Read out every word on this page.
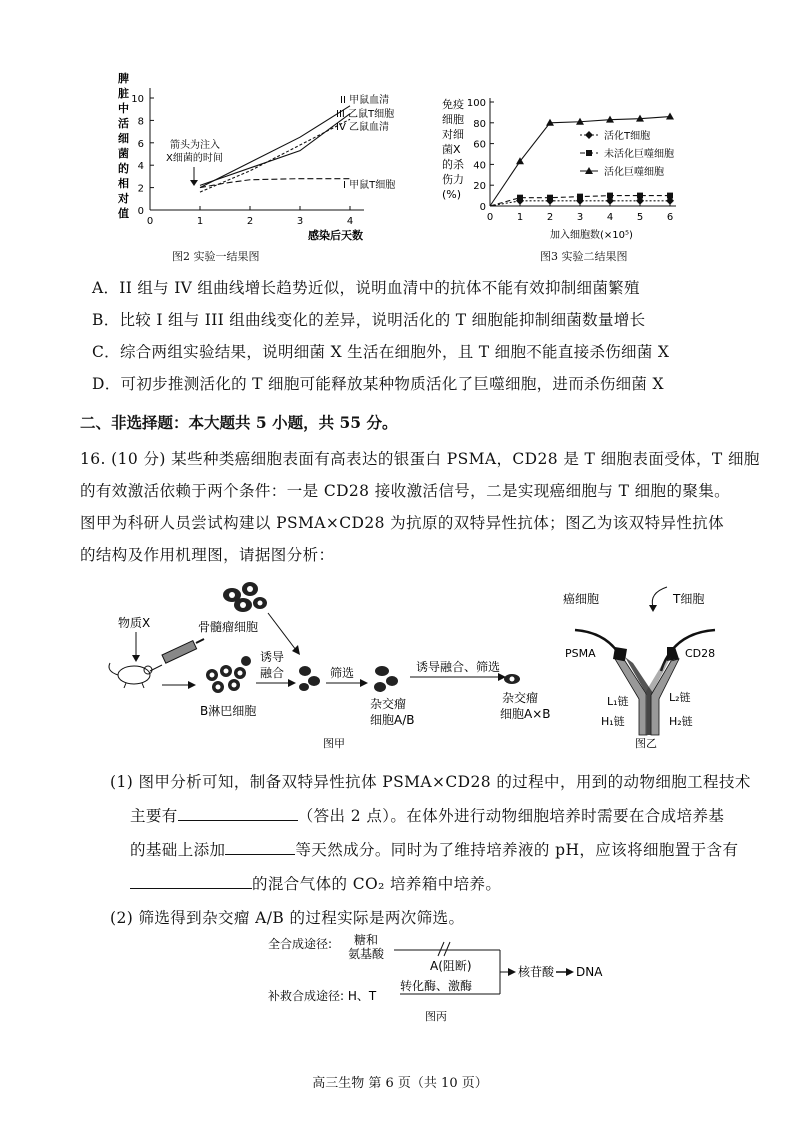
脾
脏
中
活
细
菌
的
相
对
值 0
2
4
6
8
10
0	1	2	3	4
箭头为注入
X细菌的时间
II 甲鼠血清
III 乙鼠T细胞
IV 乙鼠血清
I 甲鼠T细胞
感染后天数
图2 实验一结果图
免疫
细胞
对细
菌X
的杀
伤力
(%)
0
20
40
60
80
100
0 1 2 3 4 5 6
活化T细胞
未活化巨噬细胞
活化巨噬细胞
加入细胞数(×10⁵)
图3 实验二结果图
A．II 组与 IV 组曲线增长趋势近似，说明血清中的抗体不能有效抑制细菌繁殖
B．比较 I 组与 III 组曲线变化的差异，说明活化的 T 细胞能抑制细菌数量增长
C．综合两组实验结果，说明细菌 X 生活在细胞外，且 T 细胞不能直接杀伤细菌 X
D．可初步推测活化的 T 细胞可能释放某种物质活化了巨噬细胞，进而杀伤细菌 X
二、非选择题：本大题共 5 小题，共 55 分。
16. (10 分) 某些种类癌细胞表面有高表达的银蛋白 PSMA，CD28 是 T 细胞表面受体，T 细胞
的有效激活依赖于两个条件：一是 CD28 接收激活信号，二是实现癌细胞与 T 细胞的聚集。
图甲为科研人员尝试构建以 PSMA×CD28 为抗原的双特异性抗体；图乙为该双特异性抗体
的结构及作用机理图，请据图分析：
骨髓瘤细胞
物质X
B淋巴细胞
诱导
融合	筛选
杂交瘤
细胞A/B
诱导融合、筛选
杂交瘤
细胞A×B
图甲
癌细胞	T细胞
PSMA	CD28
L₁链
H₁链
L₂链
H₂链
图乙
(1) 图甲分析可知，制备双特异性抗体 PSMA×CD28 的过程中，用到的动物细胞工程技术
主要有	（答出 2 点）。在体外进行动物细胞培养时需要在合成培养基
的基础上添加	等天然成分。同时为了维持培养液的 pH，应该将细胞置于含有
的混合气体的 CO₂ 培养箱中培养。
(2) 筛选得到杂交瘤 A/B 的过程实际是两次筛选。
全合成途径: 糖和
氨基酸
A(阻断)
补救合成途径: H、T
转化酶、激酶
核苷酸 DNA
图丙
高三生物 第 6 页（共 10 页）
